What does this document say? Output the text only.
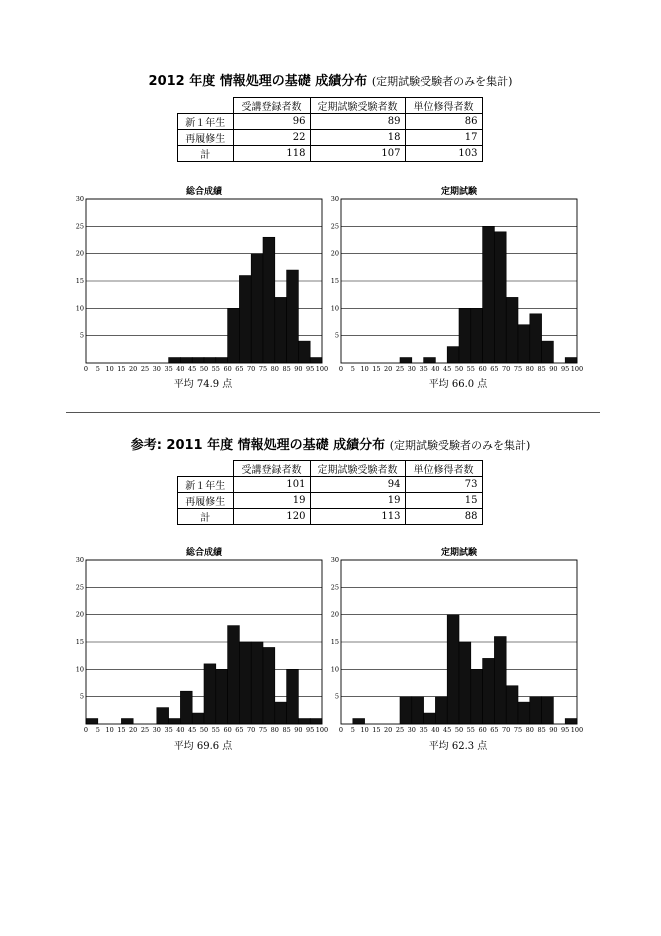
2012 年度 情報処理の基礎 成績分布 (定期試験受験者のみを集計)
	受講登録者数	定期試験受験者数	単位修得者数
新１年生	96	89	86
再履修生	22	18	17
計	118	107	103
総合成績
5
10
15
20
25
30
0 5 10 15 20 25 30 35 40 45 50 55 60 65 70 75 80 85 90 95 100
定期試験
5
10
15
20
25
30
0 5 10 15 20 25 30 35 40 45 50 55 60 65 70 75 80 85 90 95 100
平均 74.9 点	平均 66.0 点
参考: 2011 年度 情報処理の基礎 成績分布 (定期試験受験者のみを集計)
	受講登録者数	定期試験受験者数	単位修得者数
新１年生	101	94	73
再履修生	19	19	15
計	120	113	88
総合成績
5
10
15
20
25
30
0 5 10 15 20 25 30 35 40 45 50 55 60 65 70 75 80 85 90 95 100
定期試験
5
10
15
20
25
30
0 5 10 15 20 25 30 35 40 45 50 55 60 65 70 75 80 85 90 95 100
平均 69.6 点	平均 62.3 点
